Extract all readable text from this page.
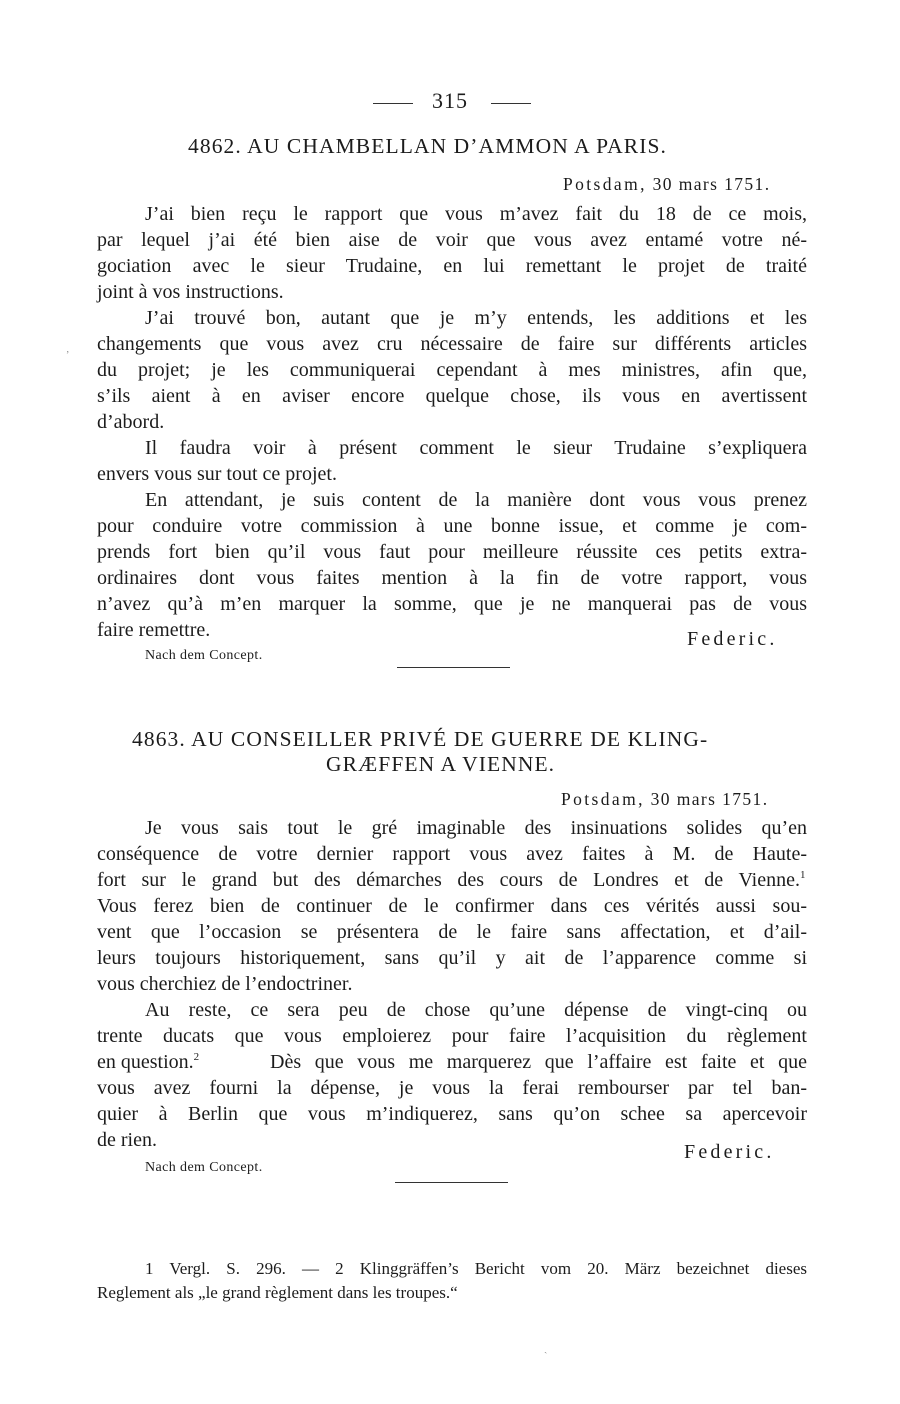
315
4862. AU CHAMBELLAN D’AMMON A PARIS.
Potsdam, 30 mars 1751.
J’ai bien reçu le rapport que vous m’avez fait du 18 de ce mois,
par lequel j’ai été bien aise de voir que vous avez entamé votre né-
gociation avec le sieur Trudaine, en lui remettant le projet de traité
joint à vos instructions.
J’ai trouvé bon, autant que je m’y entends, les additions et les
changements que vous avez cru nécessaire de faire sur différents articles
du projet; je les communiquerai cependant à mes ministres, afin que,
s’ils aient à en aviser encore quelque chose, ils vous en avertissent
d’abord.
Il faudra voir à présent comment le sieur Trudaine s’expliquera
envers vous sur tout ce projet.
En attendant, je suis content de la manière dont vous vous prenez
pour conduire votre commission à une bonne issue, et comme je com-
prends fort bien qu’il vous faut pour meilleure réussite ces petits extra-
ordinaires dont vous faites mention à la fin de votre rapport, vous
n’avez qu’à m’en marquer la somme, que je ne manquerai pas de vous
faire remettre.	Federic.
Nach dem Concept.
4863. AU CONSEILLER PRIVÉ DE GUERRE DE KLING-
GRÆFFEN A VIENNE.
Potsdam, 30 mars 1751.
Je vous sais tout le gré imaginable des insinuations solides qu’en
conséquence de votre dernier rapport vous avez faites à M. de Haute-
fort sur le grand but des démarches des cours de Londres et de Vienne.$^1$
Vous ferez bien de continuer de le confirmer dans ces vérités aussi sou-
vent que l’occasion se présentera de le faire sans affectation, et d’ail-
leurs toujours historiquement, sans qu’il y ait de l’apparence comme si
vous cherchiez de l’endoctriner.
Au reste, ce sera peu de chose qu’une dépense de vingt-cinq ou
trente ducats que vous emploierez pour faire l’acquisition du règlement
en question.$^2$	Dès que vous me marquerez que l’affaire est faite et que
vous avez fourni la dépense, je vous la ferai rembourser par tel ban-
quier à Berlin que vous m’indiquerez, sans qu’on schee sa apercevoir
de rien.
Federic.
Nach dem Concept.
1 Vergl. S. 296. — 2 Klinggräffen’s Bericht vom 20. März bezeichnet dieses
Reglement als „le grand règlement dans les troupes.“
ʼ
ˏ
